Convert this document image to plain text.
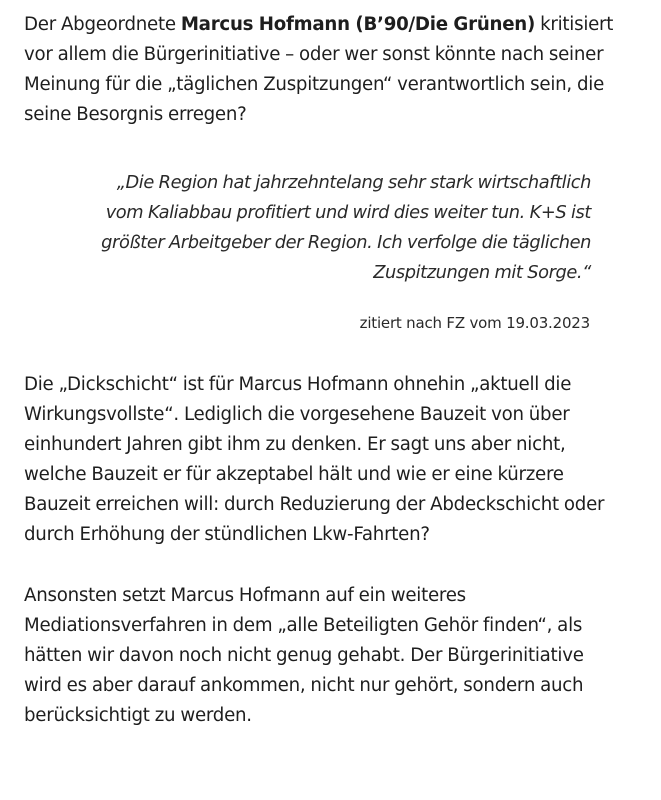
Der Abgeordnete Marcus Hofmann (B’90/Die Grünen) kritisiert
vor allem die Bürgerinitiative – oder wer sonst könnte nach seiner
Meinung für die „täglichen Zuspitzungen“ verantwortlich sein, die
seine Besorgnis erregen?

„Die Region hat jahrzehntelang sehr stark wirtschaftlich
vom Kaliabbau profitiert und wird dies weiter tun. K+S ist
größter Arbeitgeber der Region. Ich verfolge die täglichen
Zuspitzungen mit Sorge.“
zitiert nach FZ vom 19.03.2023

Die „Dickschicht“ ist für Marcus Hofmann ohnehin „aktuell die
Wirkungsvollste“. Lediglich die vorgesehene Bauzeit von über
einhundert Jahren gibt ihm zu denken. Er sagt uns aber nicht,
welche Bauzeit er für akzeptabel hält und wie er eine kürzere
Bauzeit erreichen will: durch Reduzierung der Abdeckschicht oder
durch Erhöhung der stündlichen Lkw-Fahrten?

Ansonsten setzt Marcus Hofmann auf ein weiteres
Mediationsverfahren in dem „alle Beteiligten Gehör finden“, als
hätten wir davon noch nicht genug gehabt. Der Bürgerinitiative
wird es aber darauf ankommen, nicht nur gehört, sondern auch
berücksichtigt zu werden.
